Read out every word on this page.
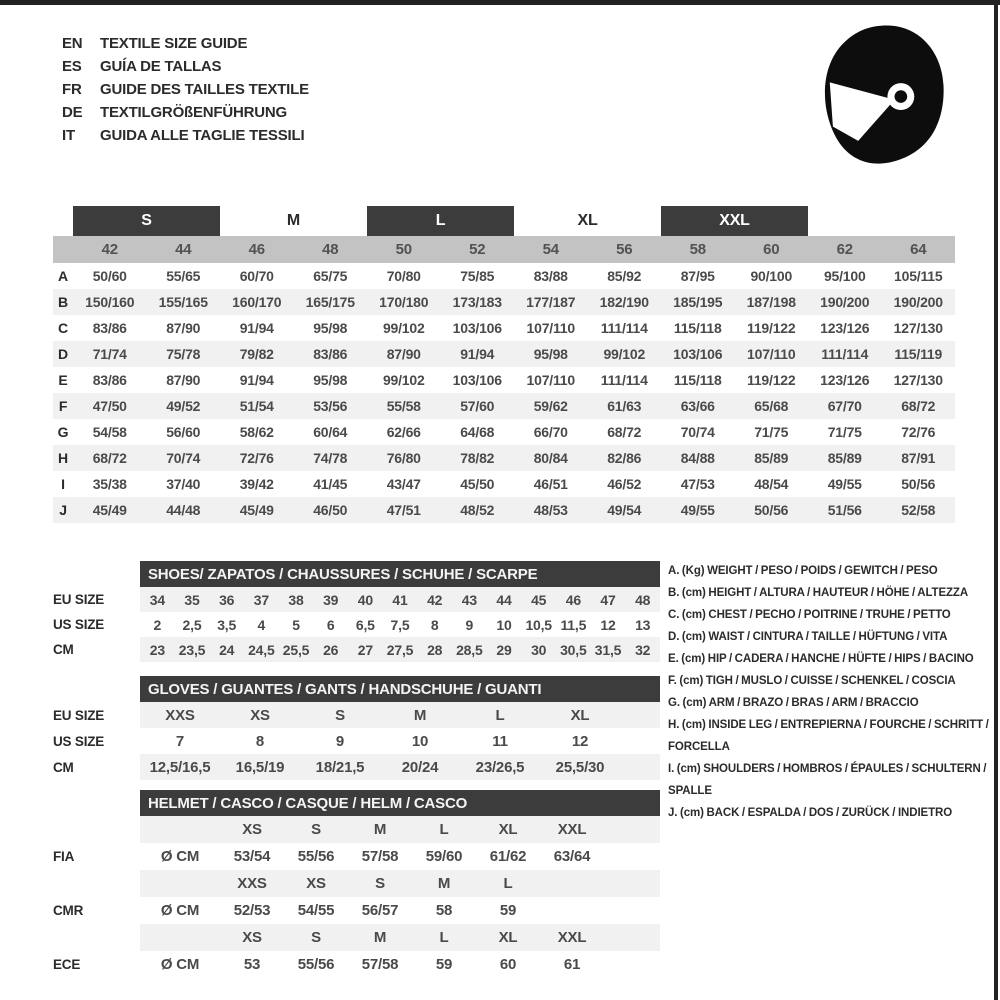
EN	TEXTILE SIZE GUIDE
ES	GUÍA DE TALLAS
FR	GUIDE DES TAILLES TEXTILE
DE	TEXTILGRÖßENFÜHRUNG
IT	GUIDA ALLE TAGLIE TESSILI
S	M	L	XL	XXL
42	44	46	48	50	52	54	56	58	60	62	64
A	50/60	55/65	60/70	65/75	70/80	75/85	83/88	85/92	87/95	90/100	95/100	105/115
B	150/160	155/165	160/170	165/175	170/180	173/183	177/187	182/190	185/195	187/198	190/200	190/200
C	83/86	87/90	91/94	95/98	99/102	103/106	107/110	111/114	115/118	119/122	123/126	127/130
D	71/74	75/78	79/82	83/86	87/90	91/94	95/98	99/102	103/106	107/110	111/114	115/119
E	83/86	87/90	91/94	95/98	99/102	103/106	107/110	111/114	115/118	119/122	123/126	127/130
F	47/50	49/52	51/54	53/56	55/58	57/60	59/62	61/63	63/66	65/68	67/70	68/72
G	54/58	56/60	58/62	60/64	62/66	64/68	66/70	68/72	70/74	71/75	71/75	72/76
H	68/72	70/74	72/76	74/78	76/80	78/82	80/84	82/86	84/88	85/89	85/89	87/91
I	35/38	37/40	39/42	41/45	43/47	45/50	46/51	46/52	47/53	48/54	49/55	50/56
J	45/49	44/48	45/49	46/50	47/51	48/52	48/53	49/54	49/55	50/56	51/56	52/58
SHOES/ ZAPATOS / CHAUSSURES / SCHUHE / SCARPE
EU SIZE	34	35	36	37	38	39	40	41	42	43	44	45	46	47	48
US SIZE	2	2,5	3,5	4	5	6	6,5	7,5	8	9	10 10,5 11,5	12	13
CM	23 23,5 24 24,5 25,5 26	27 27,5 28 28,5 29	30 30,5 31,5 32
GLOVES / GUANTES / GANTS / HANDSCHUHE / GUANTI
EU SIZE	XXS	XS	S	M	L	XL
US SIZE	7	8	9	10	11	12
CM	12,5/16,5	16,5/19	18/21,5	20/24	23/26,5	25,5/30
HELMET / CASCO / CASQUE / HELM / CASCO
XS	S	M	L	XL	XXL
FIA	Ø CM	53/54	55/56	57/58	59/60	61/62	63/64
XXS	XS	S	M	L
CMR	Ø CM	52/53	54/55	56/57	58	59
XS	S	M	L	XL	XXL
ECE	Ø CM	53	55/56	57/58	59	60	61
A. (Kg) WEIGHT / PESO / POIDS / GEWITCH / PESO
B. (cm) HEIGHT / ALTURA / HAUTEUR / HÖHE / ALTEZZA
C. (cm) CHEST / PECHO / POITRINE / TRUHE / PETTO
D. (cm) WAIST / CINTURA / TAILLE / HÜFTUNG / VITA
E. (cm) HIP / CADERA / HANCHE / HÜFTE / HIPS / BACINO
F. (cm) TIGH / MUSLO / CUISSE / SCHENKEL / COSCIA
G. (cm) ARM / BRAZO / BRAS / ARM / BRACCIO
H. (cm) INSIDE LEG / ENTREPIERNA / FOURCHE / SCHRITT / FORCELLA
I. (cm) SHOULDERS / HOMBROS / ÉPAULES / SCHULTERN / SPALLE
J. (cm) BACK / ESPALDA / DOS / ZURÜCK / INDIETRO
